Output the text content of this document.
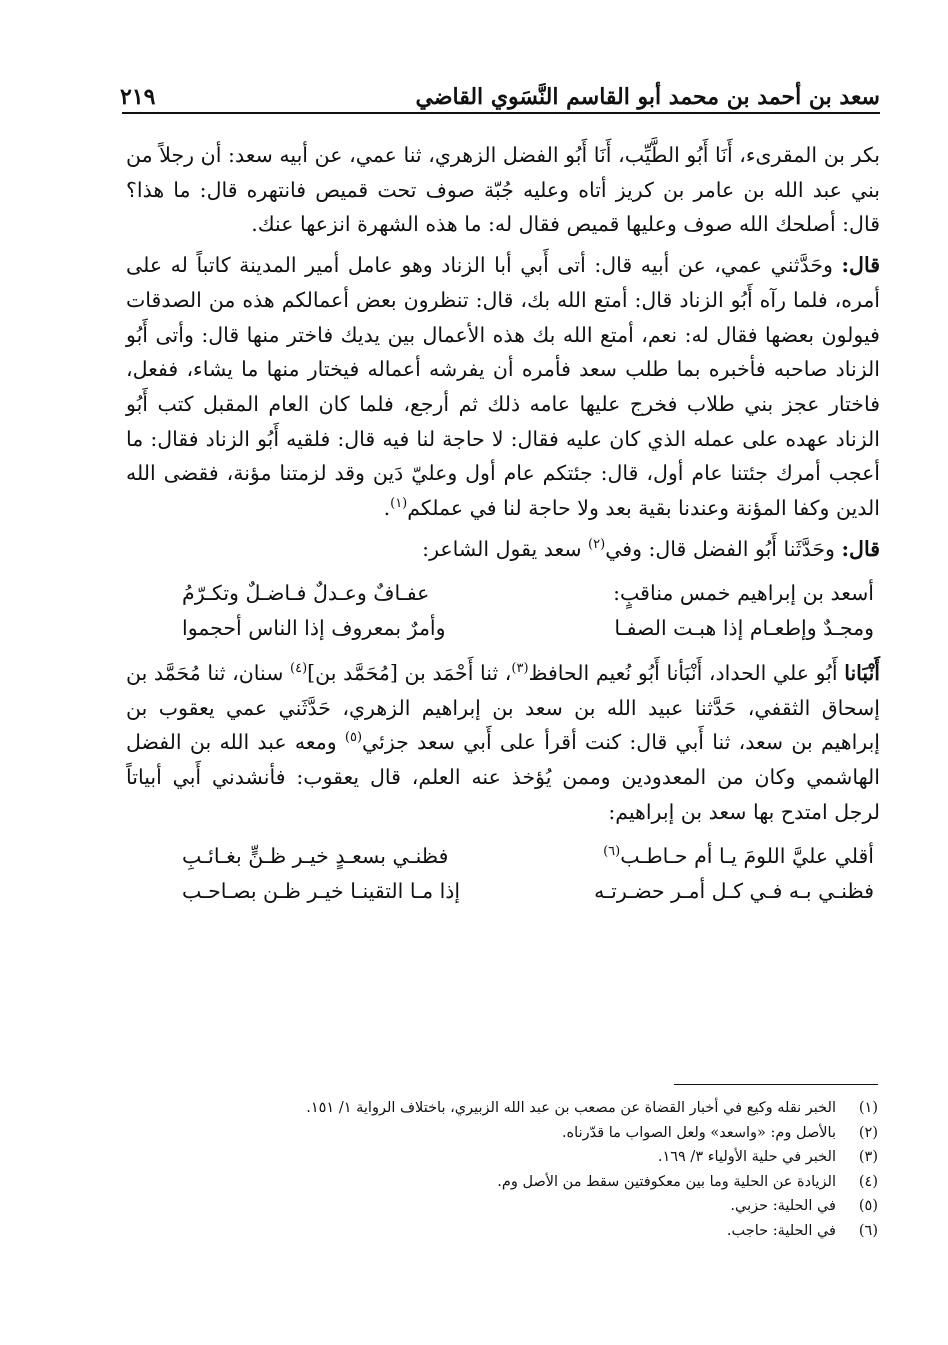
سعد بن أحمد بن محمد أبو القاسم النَّسَوي القاضي
٢١٩

بكر بن المقرىء، أَنَا أَبُو الطَّيِّب، أَنَا أَبُو الفضل الزهري، ثنا عمي، عن أبيه سعد: أن رجلاً من بني عبد الله بن عامر بن كريز أتاه وعليه جُبّة صوف تحت قميص فانتهره قال: ما هذا؟ قال: أصلحك الله صوف وعليها قميص فقال له: ما هذه الشهرة انزعها عنك.

قال: وحَدَّثني عمي، عن أبيه قال: أتى أَبي أبا الزناد وهو عامل أمير المدينة كاتباً له على أمره، فلما رآه أَبُو الزناد قال: أمتع الله بك، قال: تنظرون بعض أعمالكم هذه من الصدقات فيولون بعضها فقال له: نعم، أمتع الله بك هذه الأعمال بين يديك فاختر منها قال: وأتى أَبُو الزناد صاحبه فأخبره بما طلب سعد فأمره أن يفرشه أعماله فيختار منها ما يشاء، ففعل، فاختار عجز بني طلاب فخرج عليها عامه ذلك ثم أرجع، فلما كان العام المقبل كتب أَبُو الزناد عهده على عمله الذي كان عليه فقال: لا حاجة لنا فيه قال: فلقيه أَبُو الزناد فقال: ما أعجب أمرك جئتنا عام أول، قال: جئتكم عام أول وعليّ دَين وقد لزمتنا مؤنة، فقضى الله الدين وكفا المؤنة وعندنا بقية بعد ولا حاجة لنا في عملكم$^{(١)}$.

قال: وحَدَّثَنا أَبُو الفضل قال: وفي$^{(٢)}$ سعد يقول الشاعر:

أسعد بن إبراهيم خمس مناقبٍ:
عفـافٌ وعـدلٌ فـاضـلٌ وتكـرّمُ
ومجـدٌ وإطعـام إذا هبـت الصفـا
وأمرٌ بمعروف إذا الناس أحجموا

أَنْبَانا أَبُو علي الحداد، أَنْبَأنا أَبُو نُعيم الحافظ$^{(٣)}$، ثنا أَحْمَد بن [مُحَمَّد بن]$^{(٤)}$ سنان، ثنا مُحَمَّد بن إسحاق الثقفي، حَدَّثنا عبيد الله بن سعد بن إبراهيم الزهري، حَدَّثَني عمي يعقوب بن إبراهيم بن سعد، ثنا أَبي قال: كنت أقرأ على أَبي سعد جزئي$^{(٥)}$ ومعه عبد الله بن الفضل الهاشمي وكان من المعدودين وممن يُؤخذ عنه العلم، قال يعقوب: فأنشدني أَبي أبياتاً لرجل امتدح بها سعد بن إبراهيم:

أقلي عليَّ اللومَ يـا أم حـاطـب$^{(٦)}$
فظنـي بسعـدٍ خيـر ظـنٍّ بغـائـبِ
فظنـي بـه فـي كـل أمـر حضـرتـه
إذا مـا التقينـا خيـر ظـن بصـاحـب
(١)
الخبر نقله وكيع في أخبار القضاة عن مصعب بن عبد الله الزبيري، باختلاف الرواية ١/ ١٥١.
(٢)
بالأصل وم: «واسعد» ولعل الصواب ما قدّرناه.
(٣)
الخبر في حلية الأولياء ٣/ ١٦٩.
(٤)
الزيادة عن الحلية وما بين معكوفتين سقط من الأصل وم.
(٥)
في الحلية: حزبي.
(٦)
في الحلية: حاجب.
